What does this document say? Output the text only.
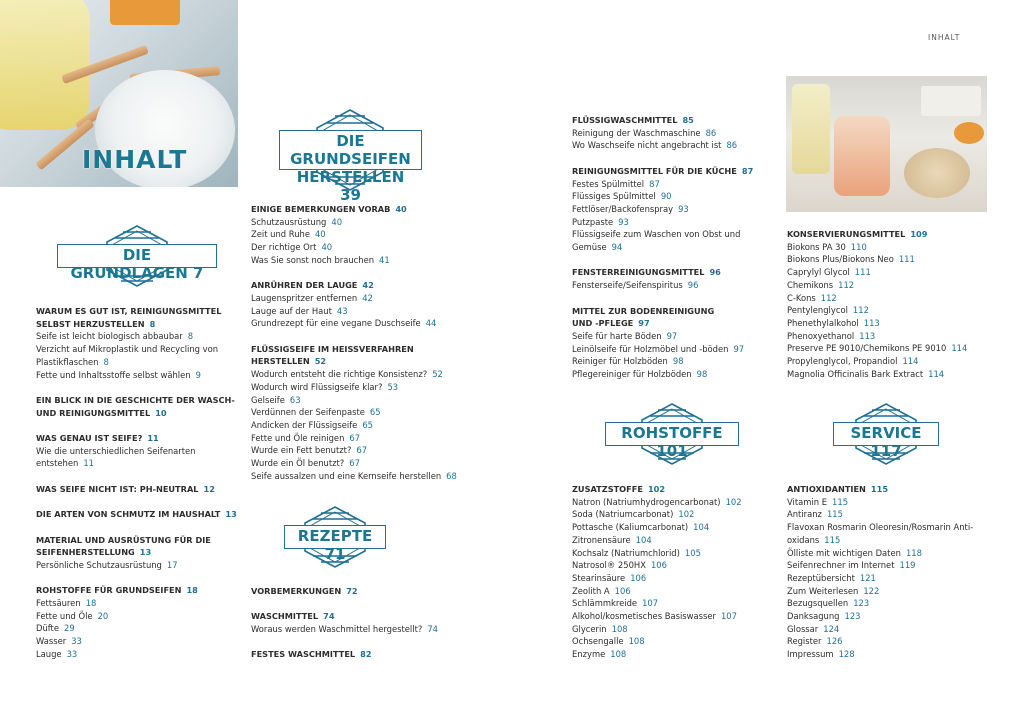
INHALT
INHALT
DIE GRUNDLAGEN 7
DIE GRUNDSEIFEN
HERSTELLEN 39
REZEPTE 71
ROHSTOFFE 101
SERVICE 117
WARUM ES GUT IST, REINIGUNGSMITTEL
SELBST HERZUSTELLEN 8
Seife ist leicht biologisch abbaubar 8
Verzicht auf Mikroplastik und Recycling von
Plastikflaschen 8
Fette und Inhaltsstoffe selbst wählen 9
EIN BLICK IN DIE GESCHICHTE DER WASCH-
UND REINIGUNGSMITTEL 10
WAS GENAU IST SEIFE? 11
Wie die unterschiedlichen Seifenarten
entstehen 11
WAS SEIFE NICHT IST: PH-NEUTRAL 12
DIE ARTEN VON SCHMUTZ IM HAUSHALT 13
MATERIAL UND AUSRÜSTUNG FÜR DIE
SEIFENHERSTELLUNG 13
Persönliche Schutzausrüstung 17
ROHSTOFFE FÜR GRUNDSEIFEN 18
Fettsäuren 18
Fette und Öle 20
Düfte 29
Wasser 33
Lauge 33
EINIGE BEMERKUNGEN VORAB 40
Schutzausrüstung 40
Zeit und Ruhe 40
Der richtige Ort 40
Was Sie sonst noch brauchen 41
ANRÜHREN DER LAUGE 42
Laugenspritzer entfernen 42
Lauge auf der Haut 43
Grundrezept für eine vegane Duschseife 44
FLÜSSIGSEIFE IM HEISSVERFAHREN
HERSTELLEN 52
Wodurch entsteht die richtige Konsistenz? 52
Wodurch wird Flüssigseife klar? 53
Gelseife 63
Verdünnen der Seifenpaste 65
Andicken der Flüssigseife 65
Fette und Öle reinigen 67
Wurde ein Fett benutzt? 67
Wurde ein Öl benutzt? 67
Seife aussalzen und eine Kernseife herstellen 68
VORBEMERKUNGEN 72
WASCHMITTEL 74
Woraus werden Waschmittel hergestellt? 74
FESTES WASCHMITTEL 82
FLÜSSIGWASCHMITTEL 85
Reinigung der Waschmaschine 86
Wo Waschseife nicht angebracht ist 86
REINIGUNGSMITTEL FÜR DIE KÜCHE 87
Festes Spülmittel 87
Flüssiges Spülmittel 90
Fettlöser/Backofenspray 93
Putzpaste 93
Flüssigseife zum Waschen von Obst und
Gemüse 94
FENSTERREINIGUNGSMITTEL 96
Fensterseife/Seifenspiritus 96
MITTEL ZUR BODENREINIGUNG
UND -PFLEGE 97
Seife für harte Böden 97
Leinölseife für Holzmöbel und -böden 97
Reiniger für Holzböden 98
Pflegereiniger für Holzböden 98
ZUSATZSTOFFE 102
Natron (Natriumhydrogencarbonat) 102
Soda (Natriumcarbonat) 102
Pottasche (Kaliumcarbonat) 104
Zitronensäure 104
Kochsalz (Natriumchlorid) 105
Natrosol® 250HX 106
Stearinsäure 106
Zeolith A 106
Schlämmkreide 107
Alkohol/kosmetisches Basiswasser 107
Glycerin 108
Ochsengalle 108
Enzyme 108
KONSERVIERUNGSMITTEL 109
Biokons PA 30 110
Biokons Plus/Biokons Neo 111
Caprylyl Glycol 111
Chemikons 112
C-Kons 112
Pentylenglycol 112
Phenethylalkohol 113
Phenoxyethanol 113
Preserve PE 9010/Chemikons PE 9010 114
Propylenglycol, Propandiol 114
Magnolia Officinalis Bark Extract 114
ANTIOXIDANTIEN 115
Vitamin E 115
Antiranz 115
Flavoxan Rosmarin Oleoresin/Rosmarin Anti-
oxidans 115
Ölliste mit wichtigen Daten 118
Seifenrechner im Internet 119
Rezeptübersicht 121
Zum Weiterlesen 122
Bezugsquellen 123
Danksagung 123
Glossar 124
Register 126
Impressum 128
